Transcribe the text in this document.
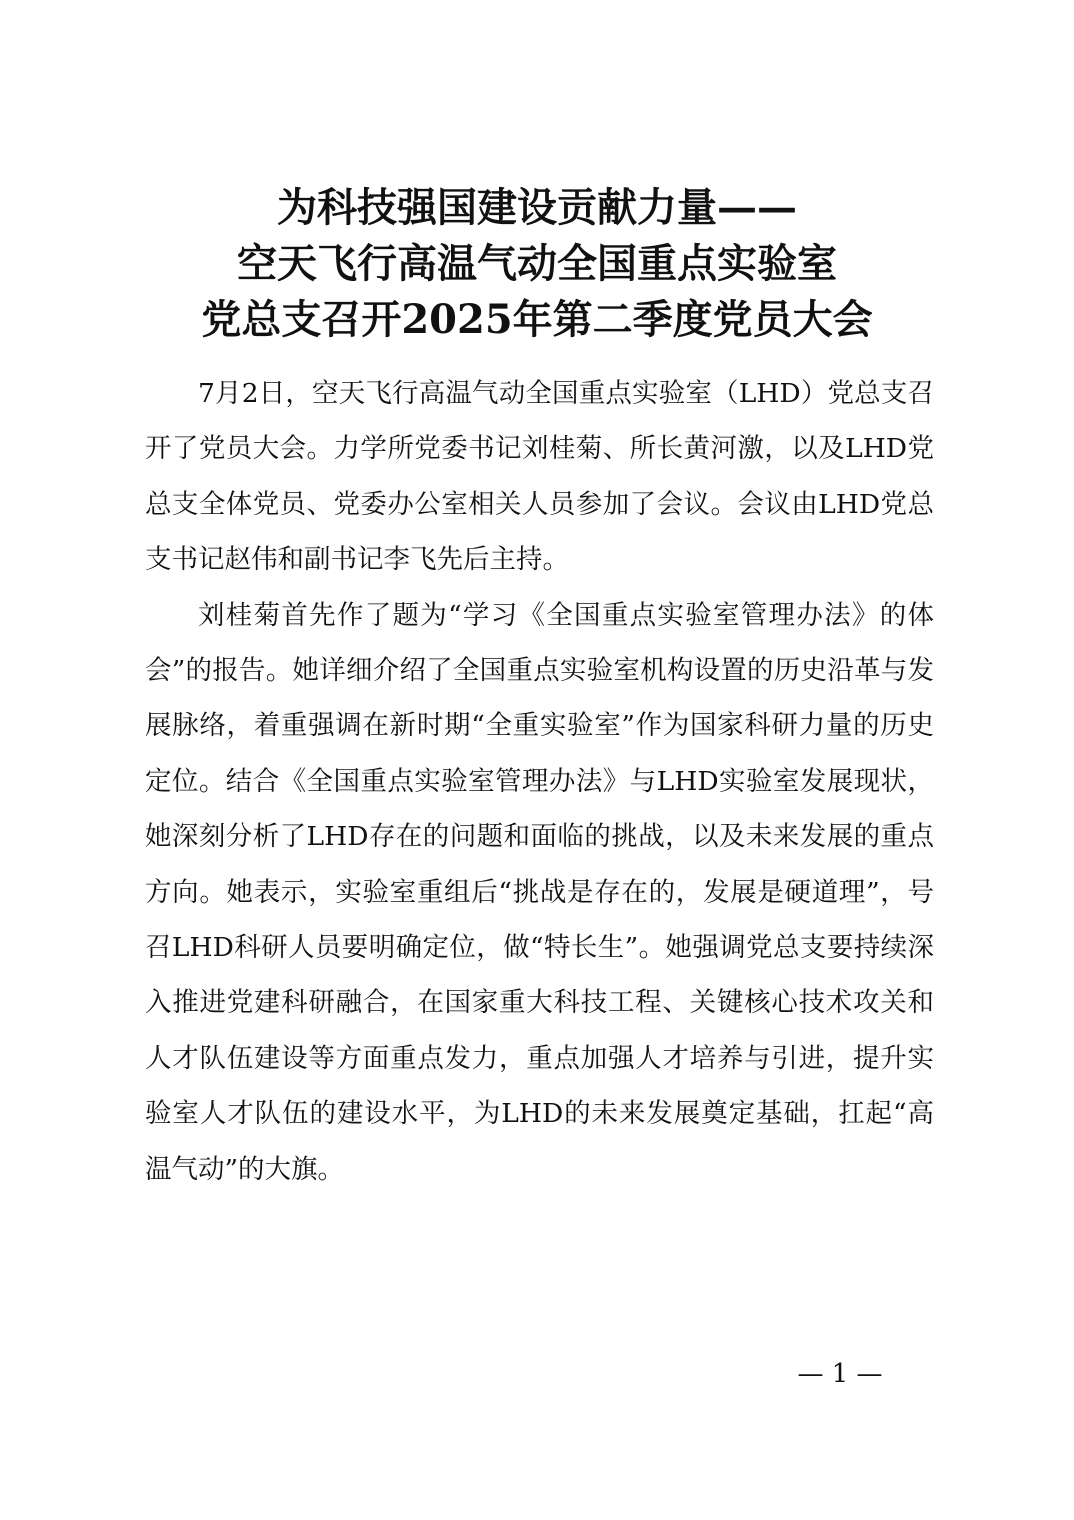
为科技强国建设贡献力量——
空天飞行高温气动全国重点实验室
党总支召开2025年第二季度党员大会

7月2日，空天飞行高温气动全国重点实验室（LHD）党总支召开了党员大会。力学所党委书记刘桂菊、所长黄河激，以及LHD党总支全体党员、党委办公室相关人员参加了会议。会议由LHD党总支书记赵伟和副书记李飞先后主持。

刘桂菊首先作了题为“学习《全国重点实验室管理办法》的体会”的报告。她详细介绍了全国重点实验室机构设置的历史沿革与发展脉络，着重强调在新时期“全重实验室”作为国家科研力量的历史定位。结合《全国重点实验室管理办法》与LHD实验室发展现状，她深刻分析了LHD存在的问题和面临的挑战，以及未来发展的重点方向。她表示，实验室重组后“挑战是存在的，发展是硬道理”，号召LHD科研人员要明确定位，做“特长生”。她强调党总支要持续深入推进党建科研融合，在国家重大科技工程、关键核心技术攻关和人才队伍建设等方面重点发力，重点加强人才培养与引进，提升实验室人才队伍的建设水平，为LHD的未来发展奠定基础，扛起“高温气动”的大旗。

— 1 —
